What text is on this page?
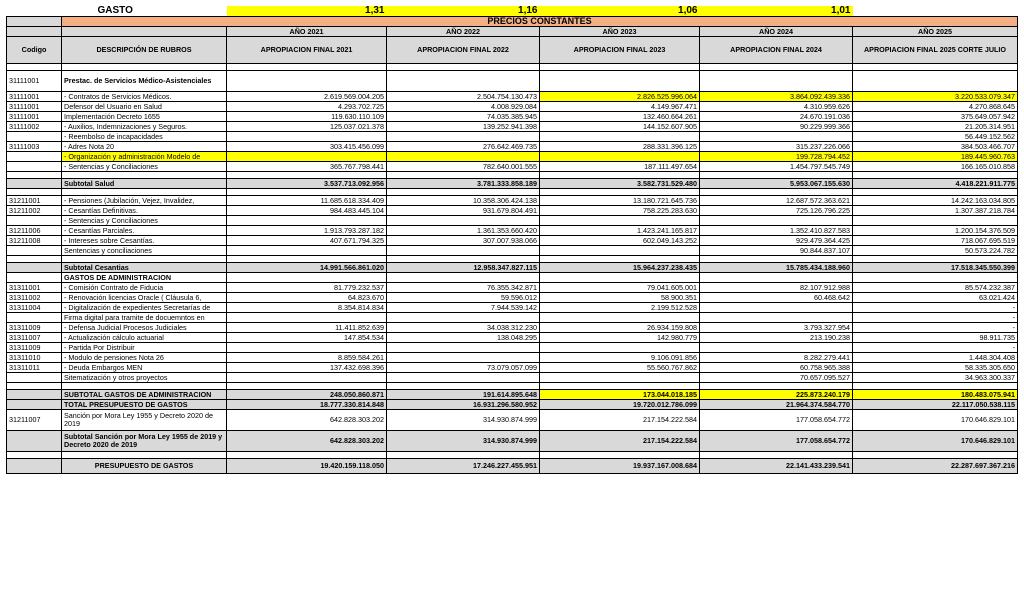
	GASTO	1,31	1,16	1,06	1,01	
	PRECIOS CONSTANTES					
		AÑO 2021	AÑO 2022	AÑO 2023	AÑO 2024	AÑO 2025
Codigo	DESCRIPCIÓN DE RUBROS	APROPIACION FINAL 2021	APROPIACION FINAL 2022	APROPIACION FINAL 2023	APROPIACION FINAL 2024	APROPIACION FINAL 2025 CORTE JULIO

31111001	Prestac. de Servicios Médico-Asistenciales					
31111001	- Contratos de Servicios Médicos.	2.619.569.004.205	2.504.754.130.473	2.826.525.996.064	3.864.092.439.336	3.220.533.079.347
31111001	Defensor del Usuario en Salud	4.293.702.725	4.008.929.084	4.149.967.471	4.310.959.626	4.270.868.645
31111001	Implementación Decreto 1655	119.630.110.109	74.035.385.945	132.460.664.261	24.670.191.036	375.649.057.942
31111002	- Auxilios, Indemnizaciones y Seguros.	125.037.021.378	139.252.941.398	144.152.607.905	90.229.999.366	21.205.314.951
	- Reembolso de incapacidades					56.449.152.562
31111003	- Adres Nota 20	303.415.456.099	276.642.469.735	288.331.396.125	315.237.226.066	384.503.466.707
	- Organización y administración Modelo de				199.728.794.452	189.445.960.763
	- Sentencias y Conciliaciones	365.767.798.441	782.640.001.555	187.111.497.654	1.454.797.545.749	166.165.010.858

	Subtotal Salud	3.537.713.092.956	3.781.333.858.189	3.582.731.529.480	5.953.067.155.630	4.418.221.911.775

31211001	- Pensiones (Jubilación, Vejez, Invalidez,	11.685.618.334.409	10.358.306.424.138	13.180.721.645.736	12.687.572.363.621	14.242.163.034.805
31211002	- Cesantías Definitivas.	984.483.445.104	931.679.804.491	758.225.283.630	725.126.796.225	1.307.387.218.784
	- Sentencias y Conciliaciones					
31211006	- Cesantías Parciales.	1.913.793.287.182	1.361.353.660.420	1.423.241.165.817	1.352.410.827.583	1.200.154.376.509
31211008	- Intereses sobre Cesantías.	407.671.794.325	307.007.938.066	602.049.143.252	929.479.364.425	718.067.695.519
	Sentencias y conciliaciones				90.844.837.107	50.573.224.782

	Subtotal Cesantias	14.991.566.861.020	12.958.347.827.115	15.964.237.238.435	15.785.434.188.960	17.518.345.550.399
	GASTOS DE ADMINISTRACION					
31311001	- Comisión Contrato de Fiducia	81.779.232.537	76.355.342.871	79.041.605.001	82.107.912.988	85.574.232.387
31311002	- Renovación licencias Oracle ( Cláusula 6,	64.823.670	59.596.012	58.900.351	60.468.642	63.021.424
31311004	- Digitalización de expedientes Secretarías de	8.354.814.834	7.944.539.142	2.199.512.528		-
	Firma digital para tramite de docuemntos en					-
31311009	- Defensa Judicial Procesos Judiciales	11.411.852.639	34.038.312.230	26.934.159.808	3.793.327.954	-
31311007	- Actualización cálculo actuarial	147.854.534	138.048.295	142.980.779	213.190.238	98.911.735
31311009	- Partida Por Distribuir					-
31311010	- Modulo de pensiones Nota 26	8.859.584.261		9.106.091.856	8.282.279.441	1.448.304.408
31311011	- Deuda Embargos MEN	137.432.698.396	73.079.057.099	55.560.767.862	60.758.965.388	58.335.305.650
	Sitematización y otros proyectos				70.657.095.527	34.963.300.337

	SUBTOTAL GASTOS DE ADMINISTRACION	248.050.860.871	191.614.895.648	173.044.018.185	225.873.240.179	180.483.075.941
	TOTAL PRESUPUESTO DE GASTOS	18.777.330.814.848	16.931.296.580.952	19.720.012.786.099	21.964.374.584.770	22.117.050.538.115
31211007	Sanción por Mora Ley 1955 y Decreto 2020 de 2019	642.828.303.202	314.930.874.999	217.154.222.584	177.058.654.772	170.646.829.101
	Subtotal Sanción por Mora Ley 1955 de 2019 y Decreto 2020 de 2019	642.828.303.202	314.930.874.999	217.154.222.584	177.058.654.772	170.646.829.101

	PRESUPUESTO DE GASTOS	19.420.159.118.050	17.246.227.455.951	19.937.167.008.684	22.141.433.239.541	22.287.697.367.216
